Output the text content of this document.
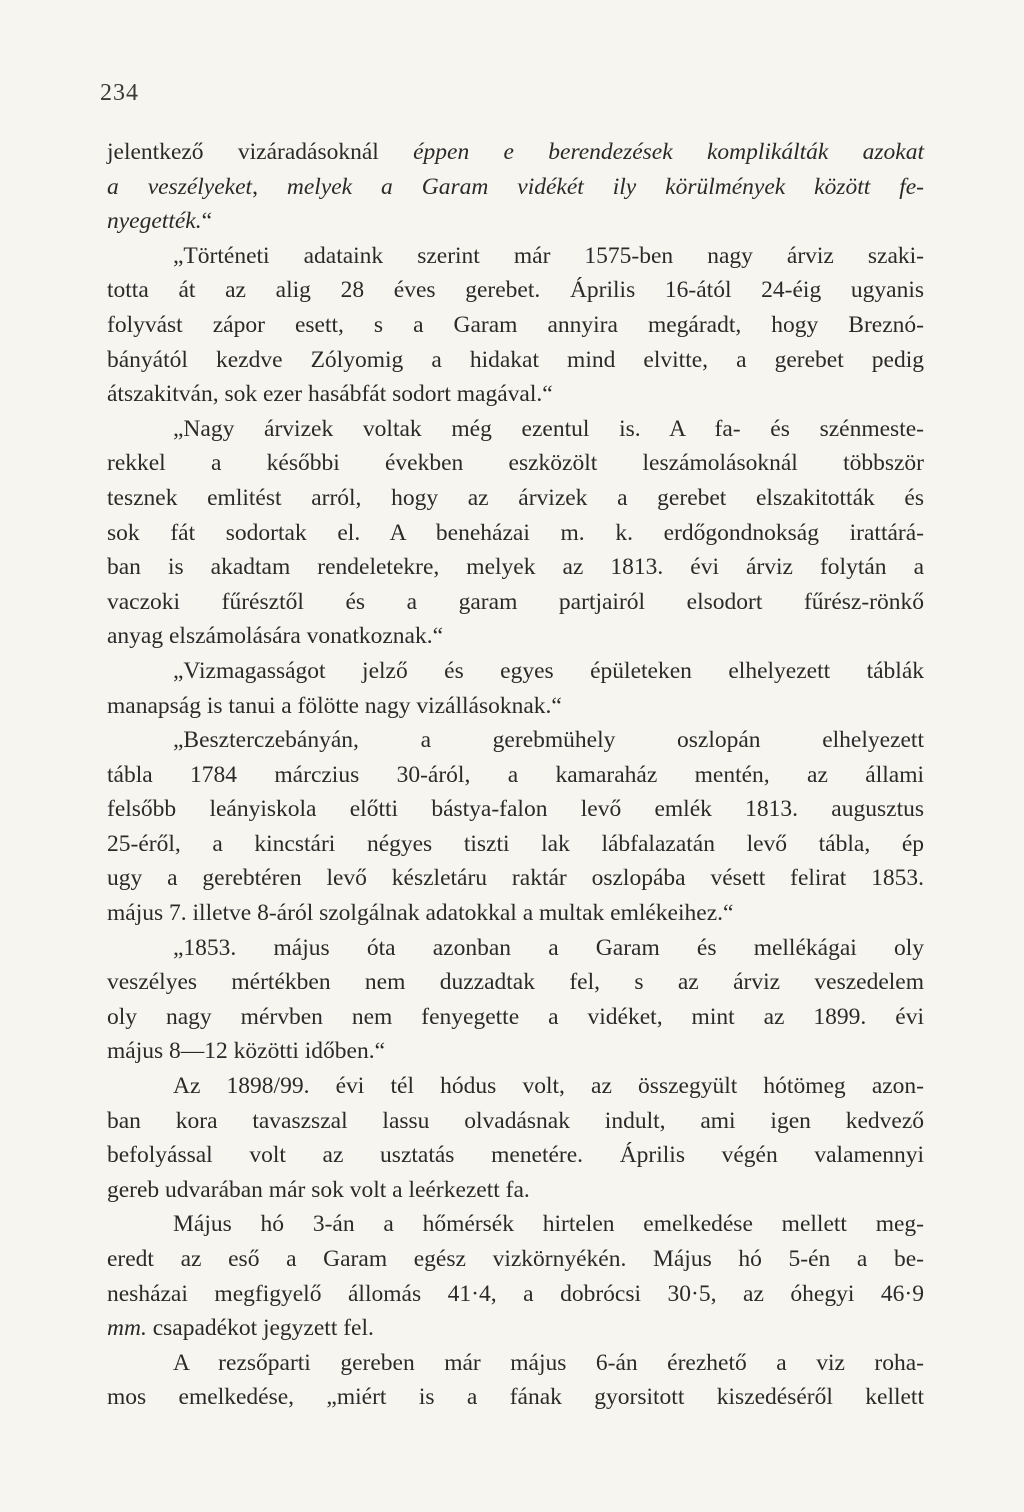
234
jelentkező vizáradásoknál éppen e berendezések komplikálták azokat
a veszélyeket, melyek a Garam vidékét ily körülmények között fe-
nyegették.“
„Történeti adataink szerint már 1575-ben nagy árviz szaki-
totta át az alig 28 éves gerebet. Április 16-ától 24-éig ugyanis
folyvást zápor esett, s a Garam annyira megáradt, hogy Breznó-
bányától kezdve Zólyomig a hidakat mind elvitte, a gerebet pedig
átszakitván, sok ezer hasábfát sodort magával.“
„Nagy árvizek voltak még ezentul is. A fa- és szénmeste-
rekkel a későbbi években eszközölt leszámolásoknál többször
tesznek emlitést arról, hogy az árvizek a gerebet elszakitották és
sok fát sodortak el. A beneházai m. k. erdőgondnokság irattárá-
ban is akadtam rendeletekre, melyek az 1813. évi árviz folytán a
vaczoki fűrésztől és a garam partjairól elsodort fűrész-rönkő
anyag elszámolására vonatkoznak.“
„Vizmagasságot jelző és egyes épületeken elhelyezett táblák
manapság is tanui a fölötte nagy vizállásoknak.“
„Beszterczebányán, a gerebmühely oszlopán elhelyezett
tábla 1784 márczius 30-áról, a kamaraház mentén, az állami
felsőbb leányiskola előtti bástya-falon levő emlék 1813. augusztus
25-éről, a kincstári négyes tiszti lak lábfalazatán levő tábla, ép
ugy a gerebtéren levő készletáru raktár oszlopába vésett felirat 1853.
május 7. illetve 8-áról szolgálnak adatokkal a multak emlékeihez.“
„1853. május óta azonban a Garam és mellékágai oly
veszélyes mértékben nem duzzadtak fel, s az árviz veszedelem
oly nagy mérvben nem fenyegette a vidéket, mint az 1899. évi
május 8—12 közötti időben.“
Az 1898/99. évi tél hódus volt, az összegyült hótömeg azon-
ban kora tavaszszal lassu olvadásnak indult, ami igen kedvező
befolyással volt az usztatás menetére. Április végén valamennyi
gereb udvarában már sok volt a leérkezett fa.
Május hó 3-án a hőmérsék hirtelen emelkedése mellett meg-
eredt az eső a Garam egész vizkörnyékén. Május hó 5-én a be-
nesházai megfigyelő állomás 41·4, a dobrócsi 30·5, az óhegyi 46·9
mm. csapadékot jegyzett fel.
A rezsőparti gereben már május 6-án érezhető a viz roha-
mos emelkedése, „miért is a fának gyorsitott kiszedéséről kellett
